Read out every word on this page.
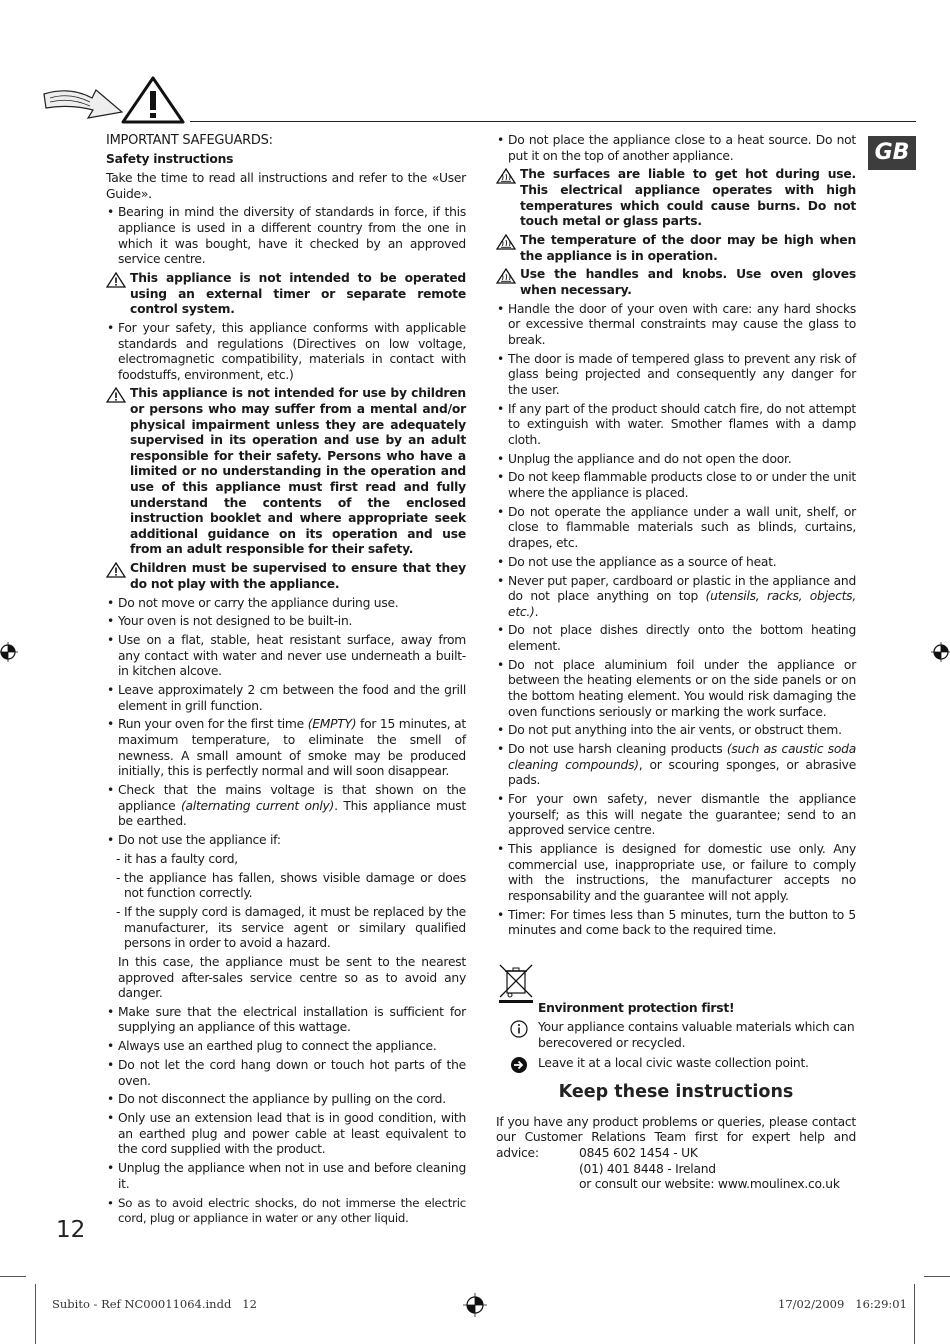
GB

IMPORTANT SAFEGUARDS:

Safety instructions

Take the time to read all instructions and refer to the «User Guide».

• Bearing in mind the diversity of standards in force, if this appliance is used in a different country from the one in which it was bought, have it checked by an approved service centre.

This appliance is not intended to be operated using an external timer or separate remote control system.

• For your safety, this appliance conforms with applicable standards and regulations (Directives on low voltage, electromagnetic compatibility, materials in contact with foodstuffs, environment, etc.)

This appliance is not intended for use by children or persons who may suffer from a mental and/or physical impairment unless they are adequately supervised in its operation and use by an adult responsible for their safety. Persons who have a limited or no understanding in the operation and use of this appliance must first read and fully understand the contents of the enclosed instruction booklet and where appropriate seek additional guidance on its operation and use from an adult responsible for their safety.

Children must be supervised to ensure that they do not play with the appliance.

• Do not move or carry the appliance during use.

• Your oven is not designed to be built-in.

• Use on a flat, stable, heat resistant surface, away from any contact with water and never use underneath a built-in kitchen alcove.

• Leave approximately 2 cm between the food and the grill element in grill function.

• Run your oven for the first time (EMPTY) for 15 minutes, at maximum temperature, to eliminate the smell of newness. A small amount of smoke may be produced initially, this is perfectly normal and will soon disappear.

• Check that the mains voltage is that shown on the appliance (alternating current only). This appliance must be earthed.

• Do not use the appliance if:

- it has a faulty cord,

- the appliance has fallen, shows visible damage or does not function correctly.

- If the supply cord is damaged, it must be replaced by the manufacturer, its service agent or similary qualified persons in order to avoid a hazard.

In this case, the appliance must be sent to the nearest approved after-sales service centre so as to avoid any danger.

• Make sure that the electrical installation is sufficient for supplying an appliance of this wattage.

• Always use an earthed plug to connect the appliance.

• Do not let the cord hang down or touch hot parts of the oven.

• Do not disconnect the appliance by pulling on the cord.

• Only use an extension lead that is in good condition, with an earthed plug and power cable at least equivalent to the cord supplied with the product.

• Unplug the appliance when not in use and before cleaning it.

• So as to avoid electric shocks, do not immerse the electric cord, plug or appliance in water or any other liquid.

• Do not place the appliance close to a heat source. Do not put it on the top of another appliance.

The surfaces are liable to get hot during use. This electrical appliance operates with high temperatures which could cause burns. Do not touch metal or glass parts.

The temperature of the door may be high when the appliance is in operation.

Use the handles and knobs. Use oven gloves when necessary.

• Handle the door of your oven with care: any hard shocks or excessive thermal constraints may cause the glass to break.

• The door is made of tempered glass to prevent any risk of glass being projected and consequently any danger for the user.

• If any part of the product should catch fire, do not attempt to extinguish with water. Smother flames with a damp cloth.

• Unplug the appliance and do not open the door.

• Do not keep flammable products close to or under the unit where the appliance is placed.

• Do not operate the appliance under a wall unit, shelf, or close to flammable materials such as blinds, curtains, drapes, etc.

• Do not use the appliance as a source of heat.

• Never put paper, cardboard or plastic in the appliance and do not place anything on top (utensils, racks, objects, etc.).

• Do not place dishes directly onto the bottom heating element.

• Do not place aluminium foil under the appliance or between the heating elements or on the side panels or on the bottom heating element. You would risk damaging the oven functions seriously or marking the work surface.

• Do not put anything into the air vents, or obstruct them.

• Do not use harsh cleaning products (such as caustic soda cleaning compounds), or scouring sponges, or abrasive pads.

• For your own safety, never dismantle the appliance yourself; as this will negate the guarantee; send to an approved service centre.

• This appliance is designed for domestic use only. Any commercial use, inappropriate use, or failure to comply with the instructions, the manufacturer accepts no responsability and the guarantee will not apply.

• Timer: For times less than 5 minutes, turn the button to 5 minutes and come back to the required time.

Environment protection first!

Your appliance contains valuable materials which can berecovered or recycled.

Leave it at a local civic waste collection point.

Keep these instructions

If you have any product problems or queries, please contact our Customer Relations Team first for expert help and advice:	0845 602 1454 - UK

(01) 401 8448 - Ireland

or consult our website: www.moulinex.co.uk

12
Subito - Ref NC00011064.indd   12	17/02/2009   16:29:01
